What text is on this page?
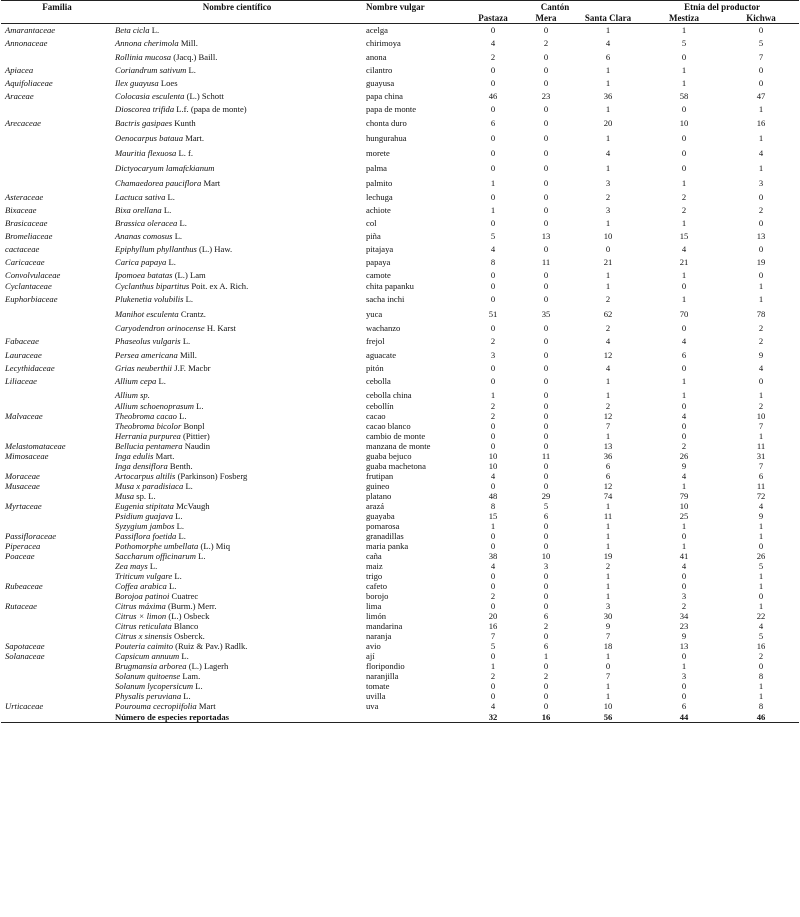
Familia	Nombre científico	Nombre vulgar	Cantón			Etnia del productor	
			Pastaza	Mera	Santa Clara	Mestiza	Kichwa
Amarantaceae	Beta cicla L.	acelga	0	0	1	1	0
Annonaceae	Annona cherimola Mill.	chirimoya	4	2	4	5	5
	Rollinia mucosa (Jacq.) Baill.	anona	2	0	6	0	7
Apiacea	Coriandrum sativum L.	cilantro	0	0	1	1	0
Aquifoliaceae	Ilex guayusa Loes	guayusa	0	0	1	1	0
Araceae	Colocasia esculenta (L.) Schott	papa china	46	23	36	58	47
	Dioscorea trifida L.f. (papa de monte)	papa de monte	0	0	1	0	1
Arecaceae	Bactris gasipaes Kunth	chonta duro	6	0	20	10	16
	Oenocarpus bataua Mart.	hungurahua	0	0	1	0	1
	Mauritia flexuosa L. f.	morete	0	0	4	0	4
	Dictyocaryum lamafckianum	palma	0	0	1	0	1
	Chamaedorea pauciflora Mart	palmito	1	0	3	1	3
Asteraceae	Lactuca sativa L.	lechuga	0	0	2	2	0
Bixaceae	Bixa orellana L.	achiote	1	0	3	2	2
Brasicaceae	Brassica oleracea L.	col	0	0	1	1	0
Bromeliaceae	Ananas comosus L.	piña	5	13	10	15	13
cactaceae	Epiphyllum phyllanthus (L.) Haw.	pitajaya	4	0	0	4	0
Caricaceae	Carica papaya L.	papaya	8	11	21	21	19
Convolvulaceae	Ipomoea batatas (L.) Lam	camote	0	0	1	1	0
Cyclantaceae	Cyclanthus bipartitus Poit. ex A. Rich.	chita papanku	0	0	1	0	1
Euphorbiaceae	Plukenetia volubilis L.	sacha inchi	0	0	2	1	1
	Manihot esculenta Crantz.	yuca	51	35	62	70	78
	Caryodendron orinocense H. Karst	wachanzo	0	0	2	0	2
Fabaceae	Phaseolus vulgaris L.	frejol	2	0	4	4	2
Lauraceae	Persea americana Mill.	aguacate	3	0	12	6	9
Lecythidaceae	Grias neuberthii J.F. Macbr	pitón	0	0	4	0	4
Liliaceae	Allium cepa L.	cebolla	0	0	1	1	0
	Allium sp.	cebolla china	1	0	1	1	1
	Allium schoenoprasum L.	cebollín	2	0	2	0	2
Malvaceae	Theobroma cacao L.	cacao	2	0	12	4	10
	Theobroma bicolor Bonpl	cacao blanco	0	0	7	0	7
	Herrania purpurea (Pittier)	cambio de monte	0	0	1	0	1
Melastomataceae	Bellucia pentamera Naudin	manzana de monte	0	0	13	2	11
Mimosaceae	Inga edulis Mart.	guaba bejuco	10	11	36	26	31
	Inga densiflora Benth.	guaba machetona	10	0	6	9	7
Moraceae	Artocarpus altilis (Parkinson) Fosberg	frutipan	4	0	6	4	6
Musaceae	Musa x paradisiaca L.	guineo	0	0	12	1	11
	Musa sp. L.	platano	48	29	74	79	72
Myrtaceae	Eugenia stipitata McVaugh	arazá	8	5	1	10	4
	Psidium guajava L.	guayaba	15	6	11	25	9
	Syzygium jambos L.	pomarosa	1	0	1	1	1
Passifloraceae	Passiflora foetida L.	granadillas	0	0	1	0	1
Piperacea	Pothomorphe umbellata (L.) Miq	maria panka	0	0	1	1	0
Poaceae	Saccharum officinarum L.	caña	38	10	19	41	26
	Zea mays L.	maiz	4	3	2	4	5
	Triticum vulgare L.	trigo	0	0	1	0	1
Rubeaceae	Coffea arabica L.	cafeto	0	0	1	0	1
	Borojoa patinoi Cuatrec	borojo	2	0	1	3	0
Rutaceae	Citrus máxima (Burm.) Merr.	lima	0	0	3	2	1
	Citrus × limon (L.) Osbeck	limón	20	6	30	34	22
	Citrus reticulata Blanco	mandarina	16	2	9	23	4
	Citrus x sinensis Osberck.	naranja	7	0	7	9	5
Sapotaceae	Pouteria caimito (Ruiz & Pav.) Radlk.	avio	5	6	18	13	16
Solanaceae	Capsicum annuum L.	ají	0	1	1	0	2
	Brugmansia arborea (L.) Lagerh	floripondio	1	0	0	1	0
	Solanum quitoense Lam.	naranjilla	2	2	7	3	8
	Solanum lycopersicum L.	tomate	0	0	1	0	1
	Physalis peruviana L.	uvilla	0	0	1	0	1
Urticaceae	Pourouma cecropiifolia Mart	uva	4	0	10	6	8
	Número de especies reportadas		32	16	56	44	46
